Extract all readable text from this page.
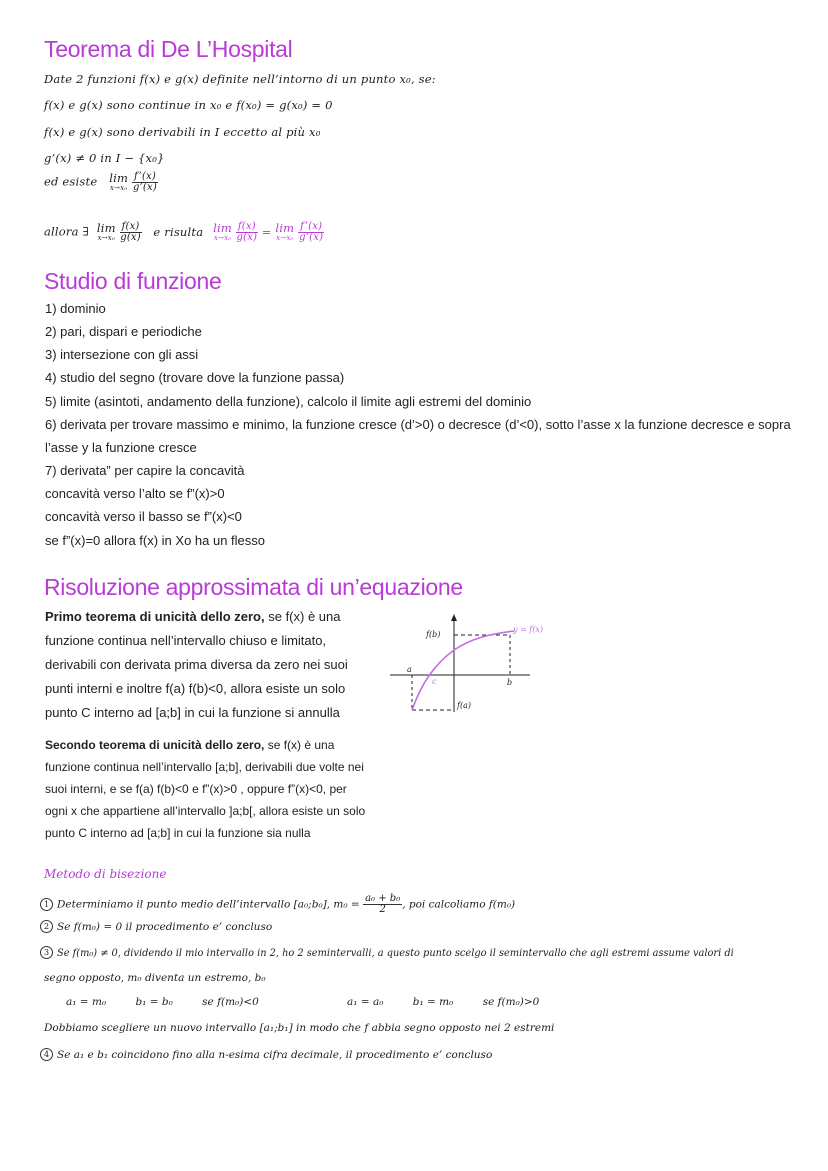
Teorema di De L’Hospital
Date 2 funzioni f(x) e g(x) definite nell’intorno di un punto x₀, se:
f(x) e g(x) sono continue in x₀ e f(x₀) = g(x₀) = 0
f(x) e g(x) sono derivabili in I eccetto al più x₀
g’(x) ≠ 0 in I − {x₀}
ed esiste lim
x→x₀
$\frac{f’(x)}{g’(x)}$
allora ∃ lim
x→x₀
$\frac{f(x)}{g(x)}$ e risulta lim
x→x₀
$\frac{f(x)}{g(x)} = \lim$
x→x₀
$\frac{f’(x)}{g’(x)}$
Studio di funzione
1) dominio
2) pari, dispari e periodiche
3) intersezione con gli assi
4) studio del segno (trovare dove la funzione passa)
5) limite (asintoti, andamento della funzione), calcolo il limite agli estremi del dominio
6) derivata per trovare massimo e minimo, la funzione cresce (d’>0) o decresce (d’<0), sotto l’asse x la funzione decresce e sopra
l’asse y la funzione cresce
7) derivata” per capire la concavità
concavità verso l’alto se f”(x)>0
concavità verso il basso se f”(x)<0
se f”(x)=0 allora f(x) in Xo ha un flesso
Risoluzione approssimata di un’equazione
Primo teorema di unicità dello zero, se f(x) è una
funzione continua nell’intervallo chiuso e limitato,
derivabili con derivata prima diversa da zero nei suoi
punti interni e inoltre f(a) f(b)<0, allora esiste un solo
punto C interno ad [a;b] in cui la funzione si annulla
Secondo teorema di unicità dello zero, se f(x) è una
funzione continua nell’intervallo [a;b], derivabili due volte nei
suoi interni, e se f(a) f(b)<0 e f”(x)>0 , oppure f”(x)<0, per
ogni x che appartiene all’intervallo ]a;b[, allora esiste un solo
punto C interno ad [a;b] in cui la funzione sia nulla
f(b)
f(a)
a
b
c
y = f(x)
Metodo di bisezione
1 Determiniamo il punto medio dell’intervallo [a₀;b₀], $m_0 = \frac{\text{a₀ + b₀}}{2}$ , poi calcoliamo f(m₀)
2 Se f(m₀) = 0 il procedimento e’ concluso
3 Se f(m₀) ≠ 0, dividendo il mio intervallo in 2, ho 2 semintervalli, a questo punto scelgo il semintervallo che agli estremi assume valori di
segno opposto, m₀ diventa un estremo, b₀
a₁ = m₀	b₁ = b₀	se f(m₀)<0	a₁ = a₀	b₁ = m₀	se f(m₀)>0
Dobbiamo scegliere un nuovo intervallo [a₁;b₁] in modo che f abbia segno opposto nei 2 estremi
4 Se a₁ e b₁ coincidono fino alla n-esima cifra decimale, il procedimento e’ concluso
